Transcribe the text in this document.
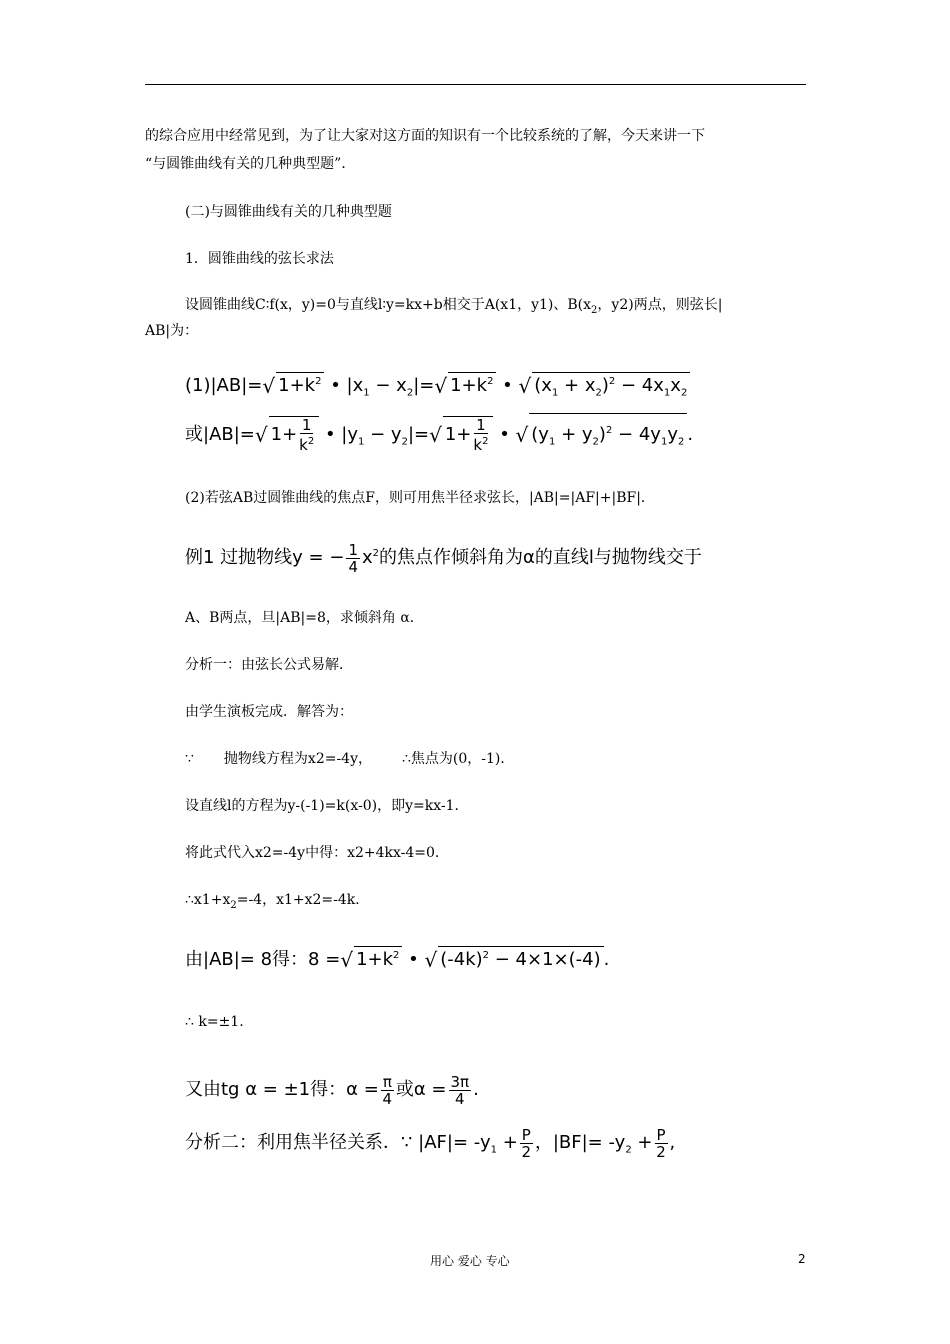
的综合应用中经常见到，为了让大家对这方面的知识有一个比较系统的了解，今天来讲一下
“与圆锥曲线有关的几种典型题”．
(二)与圆锥曲线有关的几种典型题
1．圆锥曲线的弦长求法
设圆锥曲线C∶f(x，y)=0与直线l∶y=kx+b相交于A(x1，y1)、$B(x_2$，y2)两点，则弦长|
AB|为：
(1)|AB|=√ $1+k^2$ • $|x_1 - x_2|=√$ $1+k^2$ • √ $(x_1 + x_2)^2 - 4x_1x_2$
或|AB|=√ $1+ \frac{1}{k^2}$ • $|y_1 - y_2|=√$ $1+ \frac{1}{k^2}$ • √ $(y_1 + y_2)^2 - 4y_1y_2$ .
(2)若弦AB过圆锥曲线的焦点F，则可用焦半径求弦长，|AB|=|AF|+|BF|．
例1 过抛物线y = − $\frac{1}{4} x^2$的焦点作倾斜角为α的直线l与抛物线交于
A、B两点，旦|AB|=8，求倾斜角 α．
分析一：由弦长公式易解．
由学生演板完成．解答为：
∵ 抛物线方程为x2=-4y， ∴焦点为(0，-1)．
设直线l的方程为y-(-1)=k(x-0)，即y=kx-1．
将此式代入x2=-4y中得：x2+4kx-4=0．
$\therefore x1+x_2=-4$，x1+x2=-4k．
由|AB|= 8得：8 =√ $1+k^2$ • √ $(-4k)^2 - 4\times 1\times(-4)$ .
∴ k=±1.
又由tg α = ±1得：$\alpha = \frac{\pi}{4}$ 或$\alpha = \frac{3\pi}{4}$ .
分析二：利用焦半径关系．∵ $|AF|= -y_1 + \frac{P}{2}$ ，$|BF|= -y_2 + \frac{P}{2}$ ,
用心 爱心 专心	2
